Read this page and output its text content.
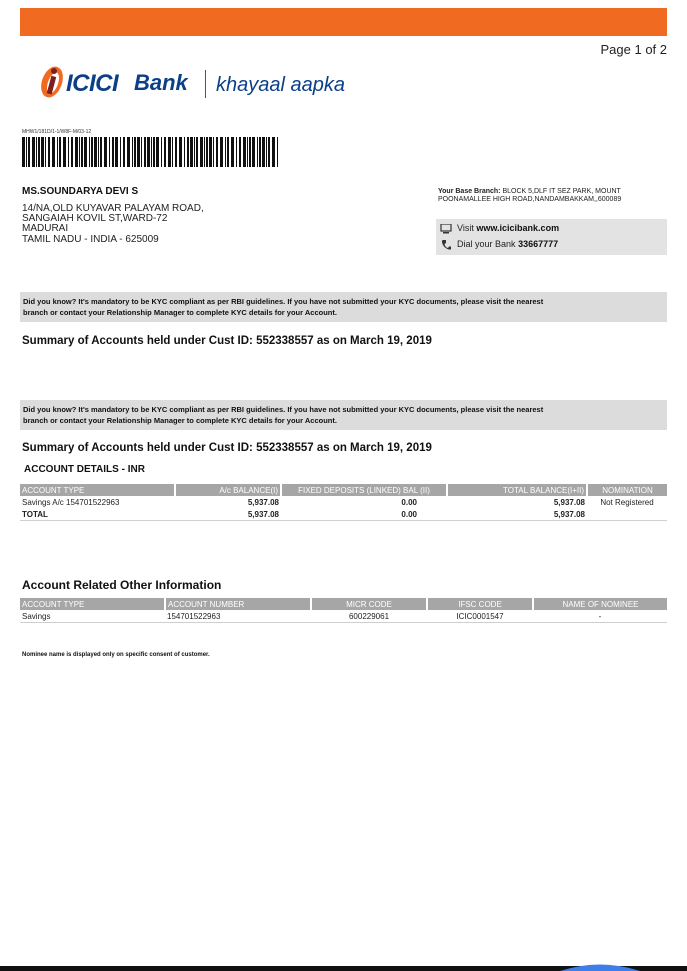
Page 1 of 2
ICICI Bank khayaal aapka
MHW1/181D/1-1/W8F-M/03-12
MS.SOUNDARYA DEVI S
14/NA,OLD KUYAVAR PALAYAM ROAD,
SANGAIAH KOVIL ST,WARD-72
MADURAI
TAMIL NADU - INDIA - 625009
Your Base Branch: BLOCK 5,DLF IT SEZ PARK, MOUNT
POONAMALLEE HIGH ROAD,NANDAMBAKKAM,,600089
Visit www.icicibank.com
Dial your Bank 33667777
Did you know? It's mandatory to be KYC compliant as per RBI guidelines. If you have not submitted your KYC documents, please visit the nearest
branch or contact your Relationship Manager to complete KYC details for your Account.
Summary of Accounts held under Cust ID: 552338557 as on March 19, 2019
Did you know? It's mandatory to be KYC compliant as per RBI guidelines. If you have not submitted your KYC documents, please visit the nearest
branch or contact your Relationship Manager to complete KYC details for your Account.
Summary of Accounts held under Cust ID: 552338557 as on March 19, 2019
ACCOUNT DETAILS - INR
ACCOUNT TYPE	A/c BALANCE(I)	FIXED DEPOSITS (LINKED) BAL (II)	TOTAL BALANCE(I+II)	NOMINATION
Savings A/c 154701522963	5,937.08	0.00	5,937.08	Not Registered
TOTAL	5,937.08	0.00	5,937.08	
Account Related Other Information
ACCOUNT TYPE	ACCOUNT NUMBER	MICR CODE	IFSC CODE	NAME OF NOMINEE
Savings	154701522963	600229061	ICIC0001547	-
Nominee name is displayed only on specific consent of customer.
